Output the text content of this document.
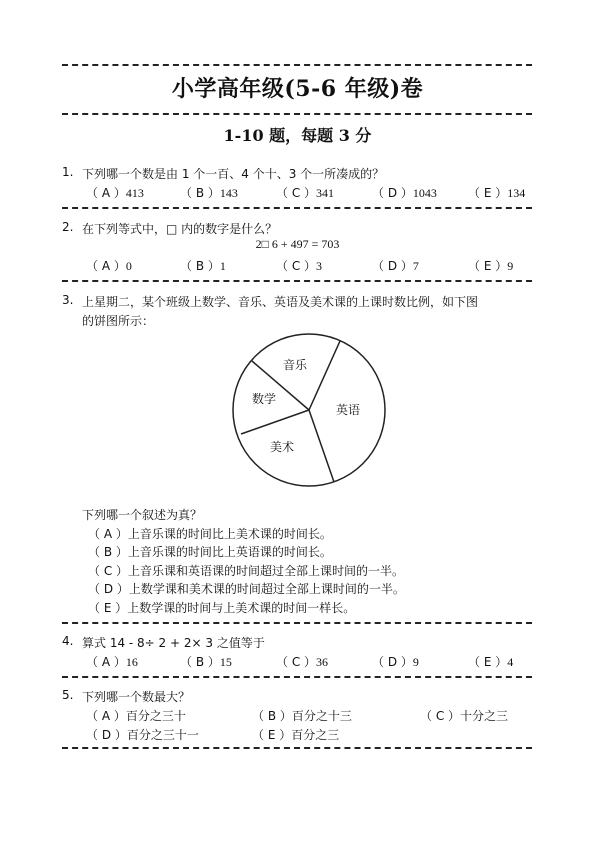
小学高年级(5-6 年级)卷
1-10 题，每题 3 分
1. 下列哪一个数是由 1 个一百、4 个十、3 个一所凑成的？
（ A ）413	（ B ）143	（ C ）341	（ D ）1043	（ E ）134
2. 在下列等式中，□ 内的数字是什么？
2□ 6 + 497 = 703
（ A ）0	（ B ）1	（ C ）3	（ D ）7	（ E ）9
3. 上星期二，某个班级上数学、音乐、英语及美术课的上课时数比例，如下图
的饼图所示：
音乐
数学
英语
美术
下列哪一个叙述为真？
（ A ）上音乐课的时间比上美术课的时间长。
（ B ）上音乐课的时间比上英语课的时间长。
（ C ）上音乐课和英语课的时间超过全部上课时间的一半。
（ D ）上数学课和美术课的时间超过全部上课时间的一半。
（ E ）上数学课的时间与上美术课的时间一样长。
4. 算式 14 - 8÷ 2 + 2× 3 之值等于
（ A ）16	（ B ）15	（ C ）36	（ D ）9	（ E ）4
5. 下列哪一个数最大？
（ A ）百分之三十	（ B ）百分之十三	（ C ）十分之三
（ D ）百分之三十一	（ E ）百分之三
